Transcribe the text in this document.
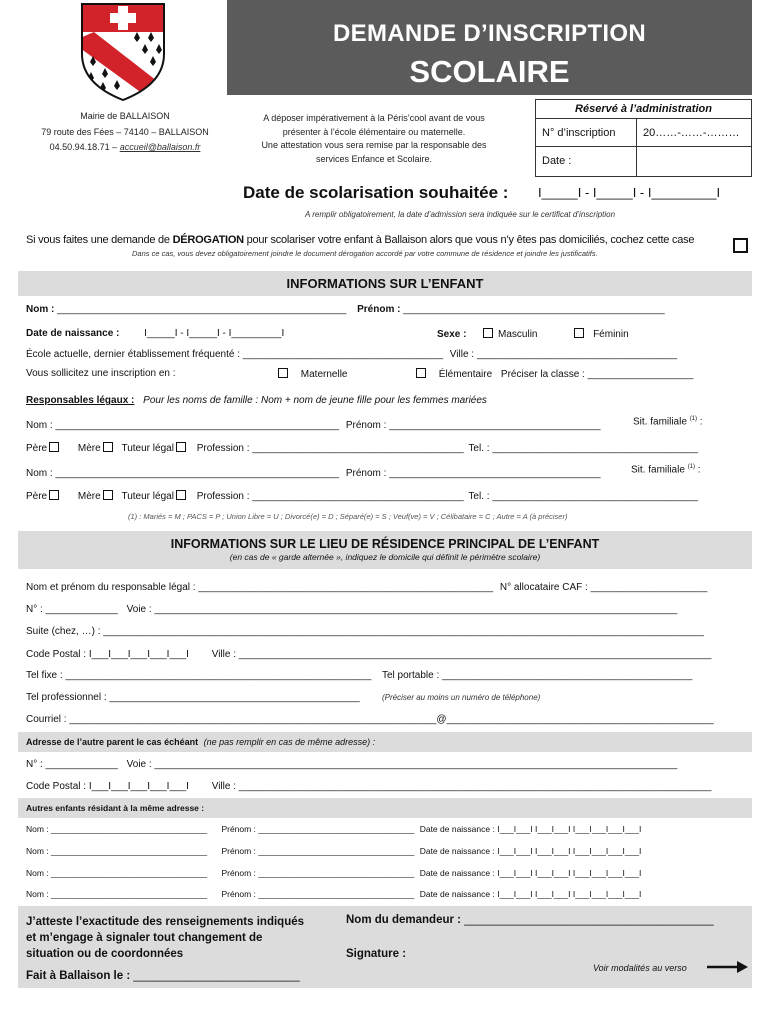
DEMANDE D’INSCRIPTION
SCOLAIRE
Mairie de BALLAISON
79 route des Fées – 74140 – BALLAISON
04.50.94.18.71 – accueil@ballaison.fr
A déposer impérativement à la Péris’cool avant de vous
présenter à l’école élémentaire ou maternelle.
Une attestation vous sera remise par la responsable des
services Enfance et Scolaire.
Réservé à l’administration
N° d’inscription	20……-……-………
Date :
Date de scolarisation souhaitée : I_____I - I_____I - I_________I
A remplir obligatoirement, la date d’admission sera indiquée sur le certificat d’inscription
Si vous faites une demande de DÉROGATION pour scolariser votre enfant à Ballaison alors que vous n’y êtes pas domiciliés, cochez cette case
Dans ce cas, vous devez obligatoirement joindre le document dérogation accordé par votre commune de résidence et joindre les justificatifs.
INFORMATIONS SUR L’ENFANT
Nom : ____________________________________________________ Prénom : _______________________________________________
Date de naissance : I_____I - I_____I - I_________I	Sexe :	Masculin	Féminin
École actuelle, dernier établissement fréquenté : ____________________________________ Ville : ____________________________________
Vous sollicitez une inscription en :	Maternelle	Élémentaire Préciser la classe : ___________________
Responsables légaux : Pour les noms de famille : Nom + nom de jeune fille pour les femmes mariées
Nom : ___________________________________________________ Prénom : ______________________________________	Sit. familiale $^{(1)}$ :
Père	Mère Tuteur légal Profession : ______________________________________ Tel. : _____________________________________
Nom : ___________________________________________________ Prénom : ______________________________________	Sit. familiale $^{(1)}$ :
Père	Mère Tuteur légal Profession : ______________________________________ Tel. : _____________________________________
(1) : Mariés = M ; PACS = P ; Union Libre = U ; Divorcé(e) = D ; Séparé(e) = S ; Veuf(ve) = V ; Célibataire = C ; Autre = A (à préciser)
INFORMATIONS SUR LE LIEU DE RÉSIDENCE PRINCIPAL DE L’ENFANT
(en cas de « garde alternée », indiquez le domicile qui définit le périmètre scolaire)
Nom et prénom du responsable légal : _____________________________________________________ N° allocataire CAF : _____________________
N° : _____________ Voie : ______________________________________________________________________________________________
Suite (chez, …) : ____________________________________________________________________________________________________________
Code Postal : I___I___I___I___I___I Ville : _____________________________________________________________________________________
Tel fixe : _______________________________________________________ Tel portable : _____________________________________________
Tel professionnel : _____________________________________________	(Préciser au moins un numéro de téléphone)
Courriel : __________________________________________________________________@________________________________________________
Adresse de l’autre parent le cas échéant (ne pas remplir en cas de même adresse) :
N° : _____________ Voie : ______________________________________________________________________________________________
Code Postal : I___I___I___I___I___I Ville : _____________________________________________________________________________________
Autres enfants résidant à la même adresse :
Nom : _________________________________ Prénom : _________________________________ Date de naissance : I___I___I I___I___I I___I___I___I___I
Nom : _________________________________ Prénom : _________________________________ Date de naissance : I___I___I I___I___I I___I___I___I___I
Nom : _________________________________ Prénom : _________________________________ Date de naissance : I___I___I I___I___I I___I___I___I___I
Nom : _________________________________ Prénom : _________________________________ Date de naissance : I___I___I I___I___I I___I___I___I___I
J’atteste l’exactitude des renseignements indiqués
et m’engage à signaler tout changement de
situation ou de coordonnées
Fait à Ballaison le : __________________________
Nom du demandeur : _______________________________________
Signature :
Voir modalités au verso
